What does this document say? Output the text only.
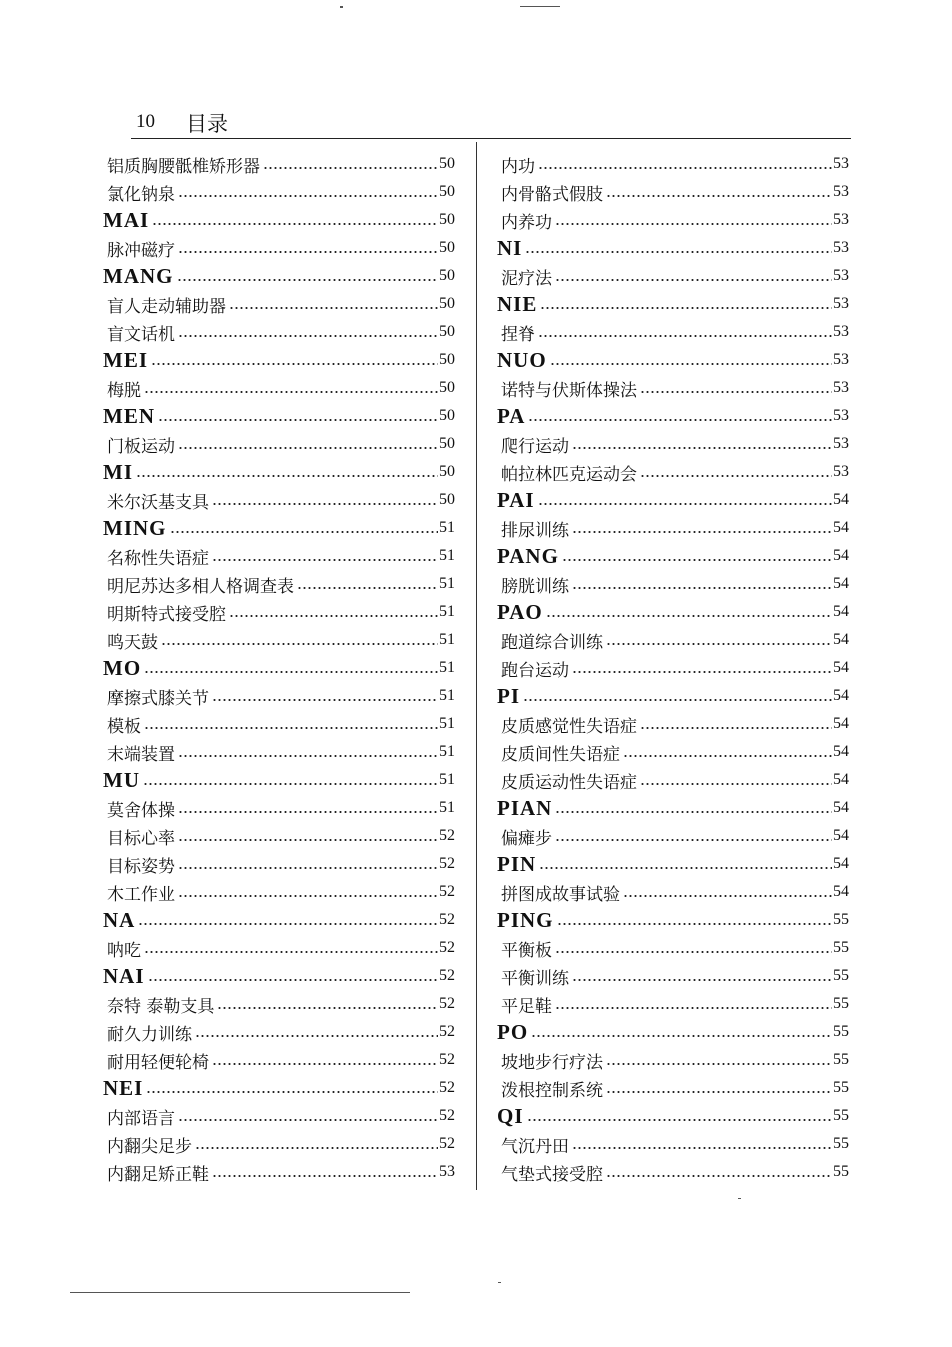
10 目录
铝质胸腰骶椎矫形器	50
氯化钠泉	50
MAI	50
脉冲磁疗	50
MANG	50
盲人走动辅助器	50
盲文话机	50
MEI	50
梅脱	50
MEN	50
门板运动	50
MI	50
米尔沃基支具	50
MING	51
名称性失语症	51
明尼苏达多相人格调查表	51
明斯特式接受腔	51
鸣天鼓	51
MO	51
摩擦式膝关节	51
模板	51
末端装置	51
MU	51
莫舍体操	51
目标心率	52
目标姿势	52
木工作业	52
NA	52
呐吃	52
NAI	52
奈特 泰勒支具	52
耐久力训练	52
耐用轻便轮椅	52
NEI	52
内部语言	52
内翻尖足步	52
内翻足矫正鞋	53
内功	53
内骨骼式假肢	53
内养功	53
NI	53
泥疗法	53
NIE	53
捏脊	53
NUO	53
诺特与伏斯体操法	53
PA	53
爬行运动	53
帕拉林匹克运动会	53
PAI	54
排尿训练	54
PANG	54
膀胱训练	54
PAO	54
跑道综合训练	54
跑台运动	54
PI	54
皮质感觉性失语症	54
皮质间性失语症	54
皮质运动性失语症	54
PIAN	54
偏瘫步	54
PIN	54
拼图成故事试验	54
PING	55
平衡板	55
平衡训练	55
平足鞋	55
PO	55
坡地步行疗法	55
泼根控制系统	55
QI	55
气沉丹田	55
气垫式接受腔	55
